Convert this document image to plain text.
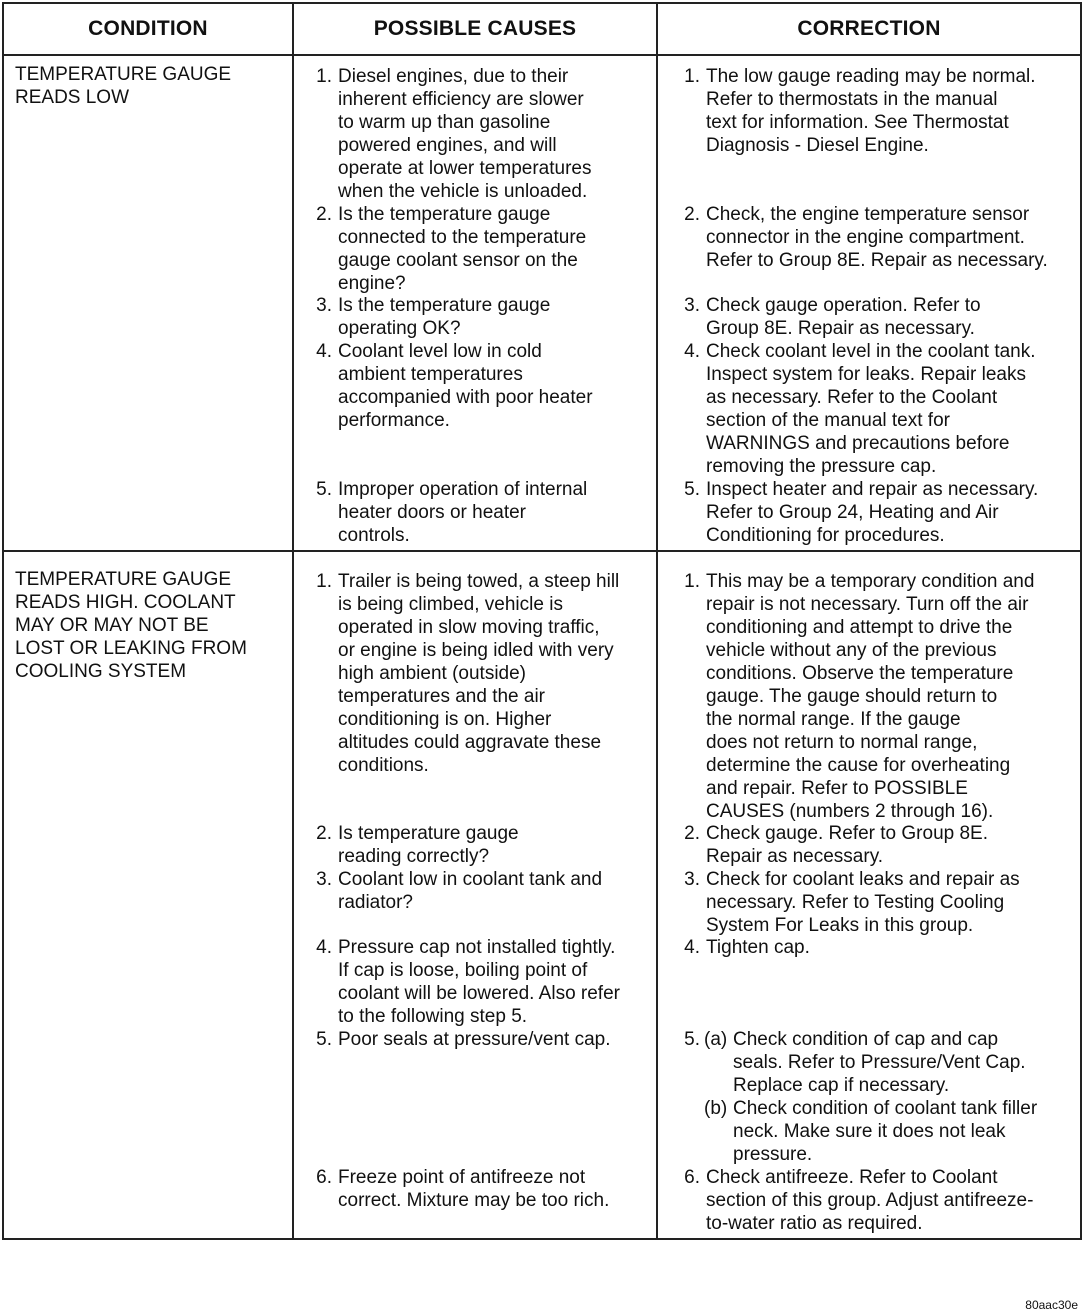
CONDITION	POSSIBLE CAUSES	CORRECTION
TEMPERATURE GAUGE
READS LOW
1. Diesel engines, due to their
inherent efficiency are slower
to warm up than gasoline
powered engines, and will
operate at lower temperatures
when the vehicle is unloaded.
2. Is the temperature gauge
connected to the temperature
gauge coolant sensor on the
engine?
3. Is the temperature gauge
operating OK?
4. Coolant level low in cold
ambient temperatures
accompanied with poor heater
performance.
5. Improper operation of internal
heater doors or heater
controls.
1. The low gauge reading may be normal.
Refer to thermostats in the manual
text for information. See Thermostat
Diagnosis - Diesel Engine.
2. Check, the engine temperature sensor
connector in the engine compartment.
Refer to Group 8E. Repair as necessary.
3. Check gauge operation. Refer to
Group 8E. Repair as necessary.
4. Check coolant level in the coolant tank.
Inspect system for leaks. Repair leaks
as necessary. Refer to the Coolant
section of the manual text for
WARNINGS and precautions before
removing the pressure cap.
5. Inspect heater and repair as necessary.
Refer to Group 24, Heating and Air
Conditioning for procedures.
TEMPERATURE GAUGE
READS HIGH. COOLANT
MAY OR MAY NOT BE
LOST OR LEAKING FROM
COOLING SYSTEM
1. Trailer is being towed, a steep hill
is being climbed, vehicle is
operated in slow moving traffic,
or engine is being idled with very
high ambient (outside)
temperatures and the air
conditioning is on. Higher
altitudes could aggravate these
conditions.
2. Is temperature gauge
reading correctly?
3. Coolant low in coolant tank and
radiator?
4. Pressure cap not installed tightly.
If cap is loose, boiling point of
coolant will be lowered. Also refer
to the following step 5.
5. Poor seals at pressure/vent cap.
6. Freeze point of antifreeze not
correct. Mixture may be too rich.
1. This may be a temporary condition and
repair is not necessary. Turn off the air
conditioning and attempt to drive the
vehicle without any of the previous
conditions. Observe the temperature
gauge. The gauge should return to
the normal range. If the gauge
does not return to normal range,
determine the cause for overheating
and repair. Refer to POSSIBLE
CAUSES (numbers 2 through 16).
2. Check gauge. Refer to Group 8E.
Repair as necessary.
3. Check for coolant leaks and repair as
necessary. Refer to Testing Cooling
System For Leaks in this group.
4. Tighten cap.
5. (a) Check condition of cap and cap
seals. Refer to Pressure/Vent Cap.
Replace cap if necessary.
(b) Check condition of coolant tank filler
neck. Make sure it does not leak
pressure.
6. Check antifreeze. Refer to Coolant
section of this group. Adjust antifreeze-
to-water ratio as required.
80aac30e
